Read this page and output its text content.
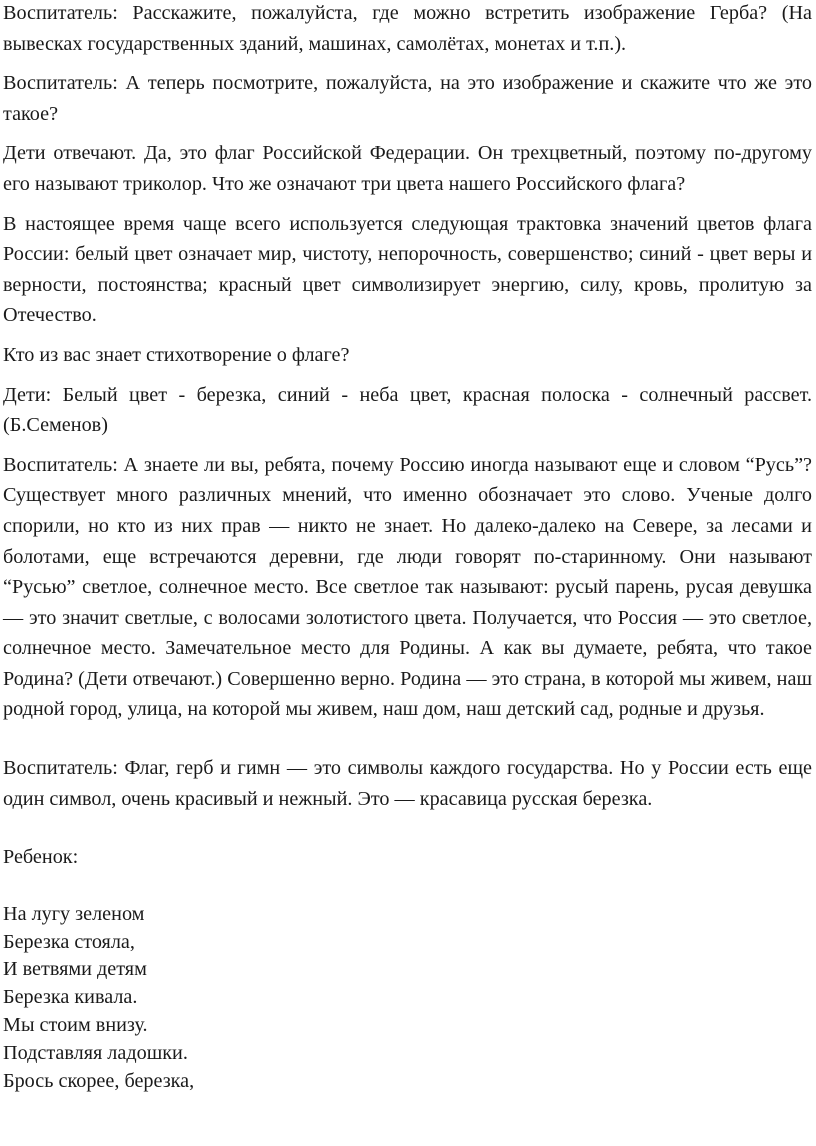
Воспитатель: Расскажите, пожалуйста, где можно встретить изображение Герба? (На вывесках государственных зданий, машинах, самолётах, монетах и т.п.).

Воспитатель: А теперь посмотрите, пожалуйста, на это изображение и скажите что же это такое?

Дети отвечают. Да, это флаг Российской Федерации. Он трехцветный, поэтому по-другому его называют триколор. Что же означают три цвета нашего Российского флага?

В настоящее время чаще всего используется следующая трактовка значений цветов флага России: белый цвет означает мир, чистоту, непорочность, совершенство; синий - цвет веры и верности, постоянства; красный цвет символизирует энергию, силу, кровь, пролитую за Отечество.

Кто из вас знает стихотворение о флаге?

Дети: Белый цвет - березка, синий - неба цвет, красная полоска - солнечный рассвет. (Б.Семенов)

Воспитатель: А знаете ли вы, ребята, почему Россию иногда называют еще и словом “Русь”? Существует много различных мнений, что именно обозначает это слово. Ученые долго спорили, но кто из них прав — никто не знает. Но далеко-далеко на Севере, за лесами и болотами, еще встречаются деревни, где люди говорят по-старинному. Они называют “Русью” светлое, солнечное место. Все светлое так называют: русый парень, русая девушка— это значит светлые, с волосами золотистого цвета. Получается, что Россия — это светлое, солнечное место. Замечательное место для Родины. А как вы думаете, ребята, что такое Родина? (Дети отвечают.) Совершенно верно. Родина — это страна, в которой мы живем, наш родной город, улица, на которой мы живем, наш дом, наш детский сад, родные и друзья.

Воспитатель: Флаг, герб и гимн — это символы каждого государства. Но у России есть еще один символ, очень красивый и нежный. Это — красавица русская березка.

Ребенок:

На лугу зеленом
Березка стояла,
И ветвями детям
Березка кивала.
Мы стоим внизу.
Подставляя ладошки.
Брось скорее, березка,
